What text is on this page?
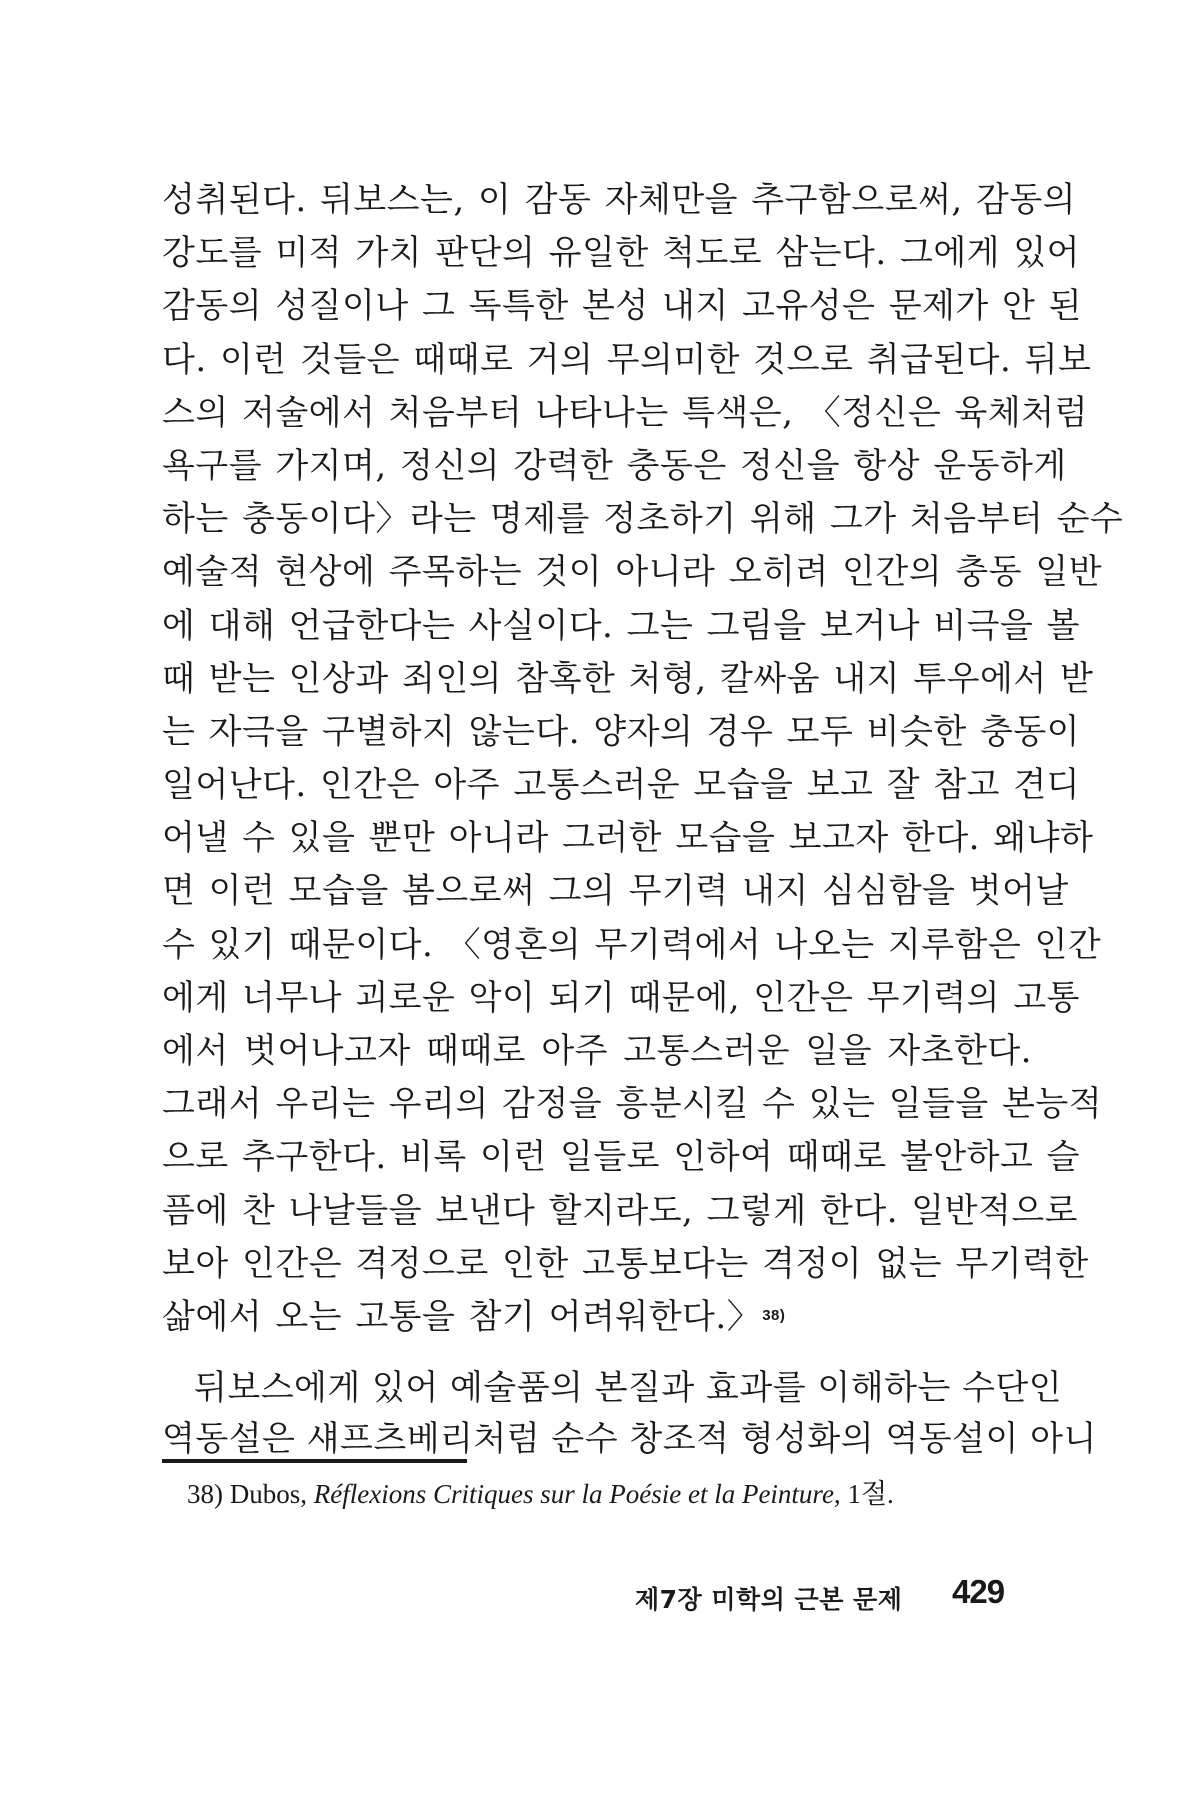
성취된다. 뒤보스는, 이 감동 자체만을 추구함으로써, 감동의
강도를 미적 가치 판단의 유일한 척도로 삼는다. 그에게 있어
감동의 성질이나 그 독특한 본성 내지 고유성은 문제가 안 된
다. 이런 것들은 때때로 거의 무의미한 것으로 취급된다. 뒤보
스의 저술에서 처음부터 나타나는 특색은, 〈정신은 육체처럼
욕구를 가지며, 정신의 강력한 충동은 정신을 항상 운동하게
하는 충동이다〉라는 명제를 정초하기 위해 그가 처음부터 순수
예술적 현상에 주목하는 것이 아니라 오히려 인간의 충동 일반
에 대해 언급한다는 사실이다. 그는 그림을 보거나 비극을 볼
때 받는 인상과 죄인의 참혹한 처형, 칼싸움 내지 투우에서 받
는 자극을 구별하지 않는다. 양자의 경우 모두 비슷한 충동이
일어난다. 인간은 아주 고통스러운 모습을 보고 잘 참고 견디
어낼 수 있을 뿐만 아니라 그러한 모습을 보고자 한다. 왜냐하
면 이런 모습을 봄으로써 그의 무기력 내지 심심함을 벗어날
수 있기 때문이다. 〈영혼의 무기력에서 나오는 지루함은 인간
에게 너무나 괴로운 악이 되기 때문에, 인간은 무기력의 고통
에서 벗어나고자 때때로 아주 고통스러운 일을 자초한다.
그래서 우리는 우리의 감정을 흥분시킬 수 있는 일들을 본능적
으로 추구한다. 비록 이런 일들로 인하여 때때로 불안하고 슬
픔에 찬 나날들을 보낸다 할지라도, 그렇게 한다. 일반적으로
보아 인간은 격정으로 인한 고통보다는 격정이 없는 무기력한
삶에서 오는 고통을 참기 어려워한다.〉$^{38)}$
뒤보스에게 있어 예술품의 본질과 효과를 이해하는 수단인
역동설은 섀프츠베리처럼 순수 창조적 형성화의 역동설이 아니
38) Dubos, Réflexions Critiques sur la Poésie et la Peinture, 1절.
제7장 미학의 근본 문제 429
